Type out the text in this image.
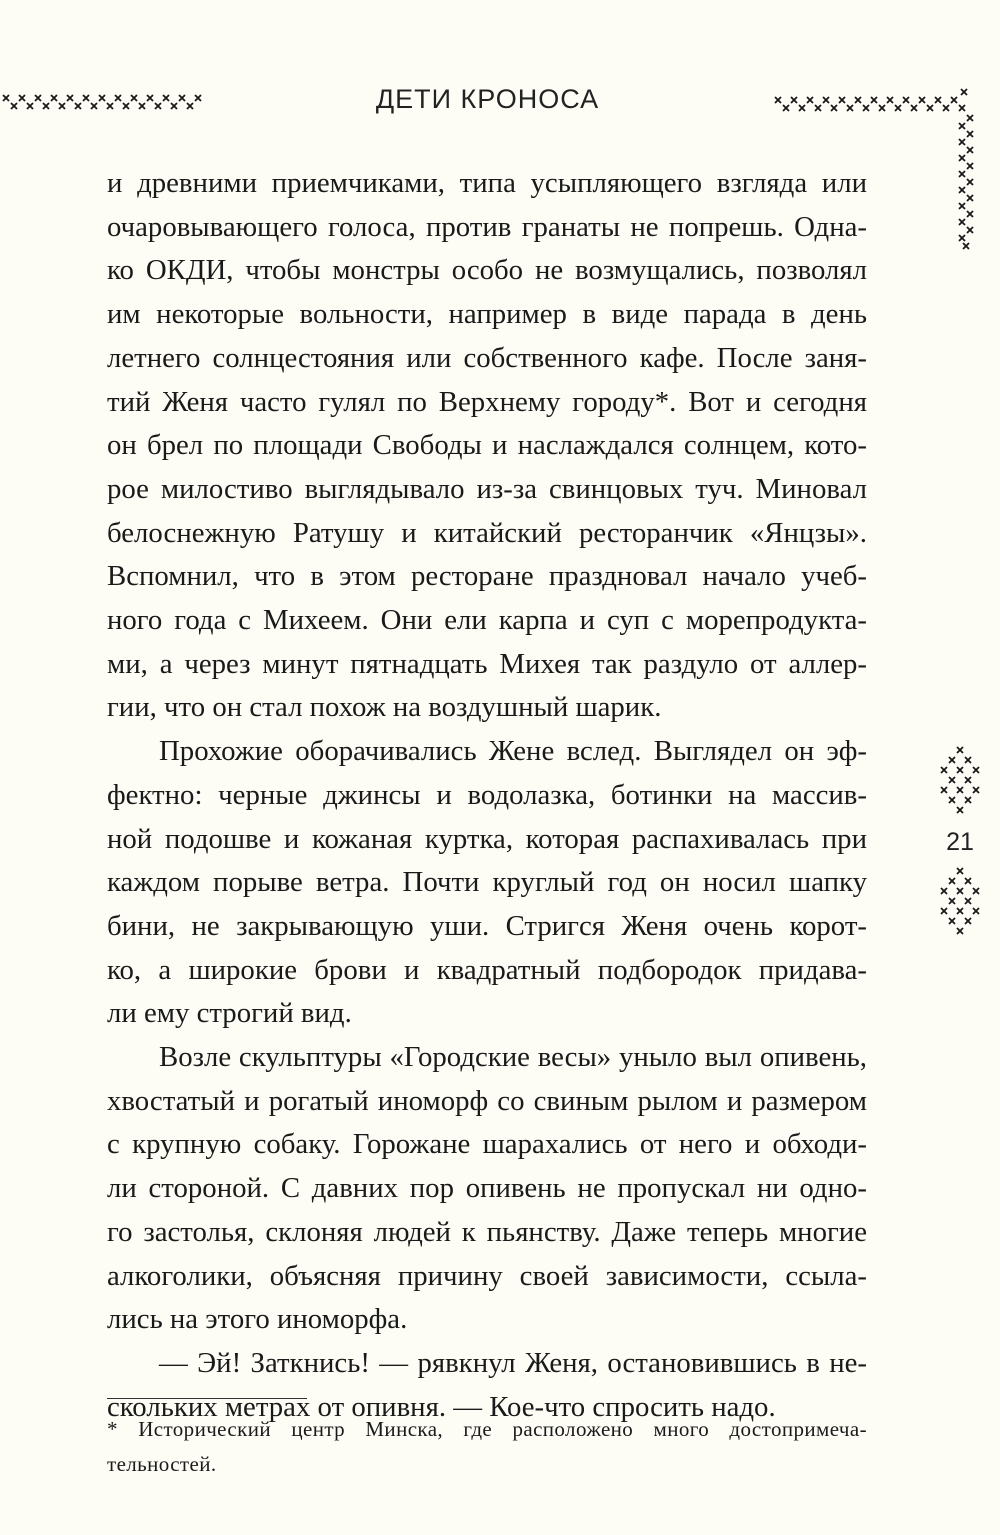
ДЕТИ КРОНОСА
21
и древними приемчиками, типа усыпляющего взгляда или
очаровывающего голоса, против гранаты не попрешь. Одна-
ко ОКДИ, чтобы монстры особо не возмущались, позволял
им некоторые вольности, например в виде парада в день
летнего солнцестояния или собственного кафе. После заня-
тий Женя часто гулял по Верхнему городу*. Вот и сегодня
он брел по площади Свободы и наслаждался солнцем, кото-
рое милостиво выглядывало из-за свинцовых туч. Миновал
белоснежную Ратушу и китайский ресторанчик «Янцзы».
Вспомнил, что в этом ресторане праздновал начало учеб-
ного года с Михеем. Они ели карпа и суп с морепродукта-
ми, а через минут пятнадцать Михея так раздуло от аллер-
гии, что он стал похож на воздушный шарик.
Прохожие оборачивались Жене вслед. Выглядел он эф-
фектно: черные джинсы и водолазка, ботинки на массив-
ной подошве и кожаная куртка, которая распахивалась при
каждом порыве ветра. Почти круглый год он носил шапку
бини, не закрывающую уши. Стригся Женя очень корот-
ко, а широкие брови и квадратный подбородок придава-
ли ему строгий вид.
Возле скульптуры «Городские весы» уныло выл опивень,
хвостатый и рогатый иноморф со свиным рылом и размером
с крупную собаку. Горожане шарахались от него и обходи-
ли стороной. С давних пор опивень не пропускал ни одно-
го застолья, склоняя людей к пьянству. Даже теперь многие
алкоголики, объясняя причину своей зависимости, ссыла-
лись на этого иноморфа.
— Эй! Заткнись! — рявкнул Женя, остановившись в не-
скольких метрах от опивня. — Кое-что спросить надо.
* Исторический центр Минска, где расположено много достопримеча-
тельностей.
